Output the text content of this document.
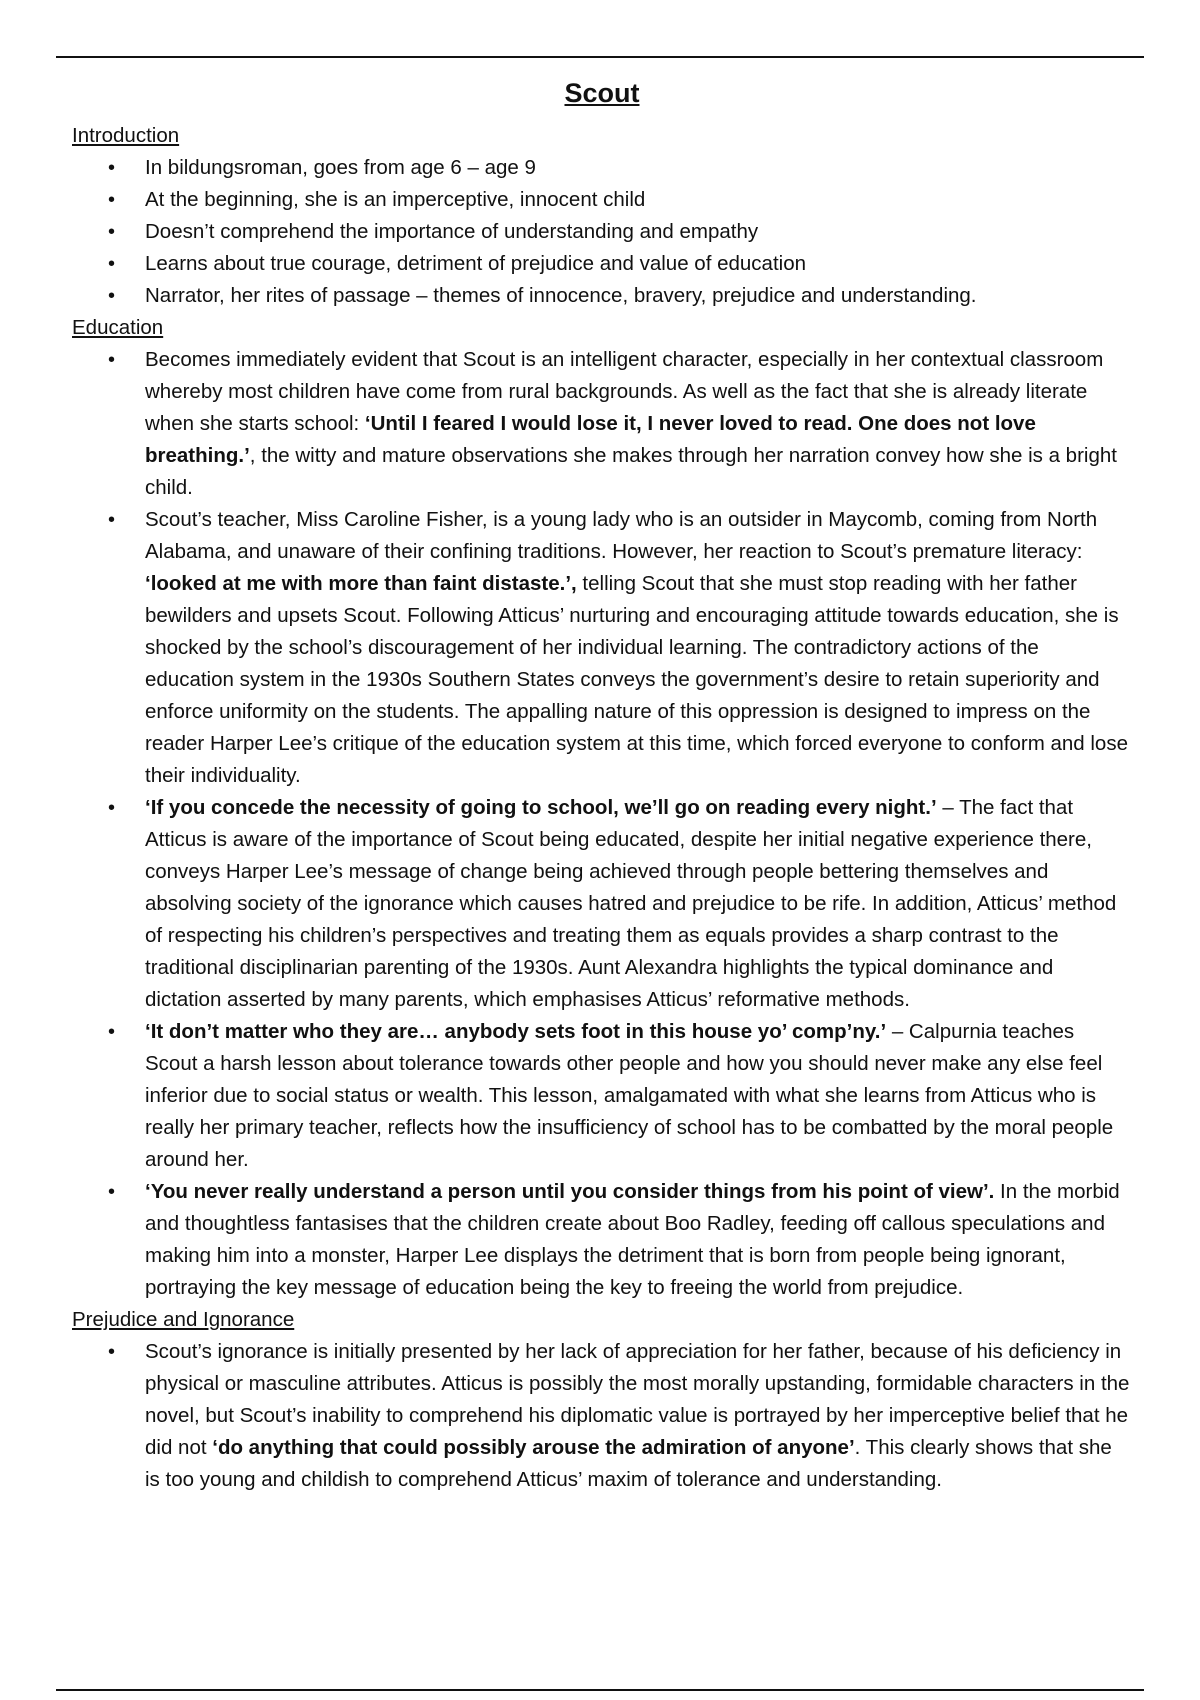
Scout
Introduction
• In bildungsroman, goes from age 6 – age 9
• At the beginning, she is an imperceptive, innocent child
• Doesn’t comprehend the importance of understanding and empathy
• Learns about true courage, detriment of prejudice and value of education
• Narrator, her rites of passage – themes of innocence, bravery, prejudice and understanding.
Education
• Becomes immediately evident that Scout is an intelligent character, especially in her contextual classroom whereby most children have come from rural backgrounds. As well as the fact that she is already literate when she starts school: ‘Until I feared I would lose it, I never loved to read. One does not love breathing.’, the witty and mature observations she makes through her narration convey how she is a bright child.
• Scout’s teacher, Miss Caroline Fisher, is a young lady who is an outsider in Maycomb, coming from North Alabama, and unaware of their confining traditions. However, her reaction to Scout’s premature literacy: ‘looked at me with more than faint distaste.’, telling Scout that she must stop reading with her father bewilders and upsets Scout. Following Atticus’ nurturing and encouraging attitude towards education, she is shocked by the school’s discouragement of her individual learning. The contradictory actions of the education system in the 1930s Southern States conveys the government’s desire to retain superiority and enforce uniformity on the students. The appalling nature of this oppression is designed to impress on the reader Harper Lee’s critique of the education system at this time, which forced everyone to conform and lose their individuality.
• ‘If you concede the necessity of going to school, we’ll go on reading every night.’ – The fact that Atticus is aware of the importance of Scout being educated, despite her initial negative experience there, conveys Harper Lee’s message of change being achieved through people bettering themselves and absolving society of the ignorance which causes hatred and prejudice to be rife. In addition, Atticus’ method of respecting his children’s perspectives and treating them as equals provides a sharp contrast to the traditional disciplinarian parenting of the 1930s. Aunt Alexandra highlights the typical dominance and dictation asserted by many parents, which emphasises Atticus’ reformative methods.
• ‘It don’t matter who they are… anybody sets foot in this house yo’ comp’ny.’ – Calpurnia teaches Scout a harsh lesson about tolerance towards other people and how you should never make any else feel inferior due to social status or wealth. This lesson, amalgamated with what she learns from Atticus who is really her primary teacher, reflects how the insufficiency of school has to be combatted by the moral people around her.
• ‘You never really understand a person until you consider things from his point of view’. In the morbid and thoughtless fantasises that the children create about Boo Radley, feeding off callous speculations and making him into a monster, Harper Lee displays the detriment that is born from people being ignorant, portraying the key message of education being the key to freeing the world from prejudice.
Prejudice and Ignorance
• Scout’s ignorance is initially presented by her lack of appreciation for her father, because of his deficiency in physical or masculine attributes. Atticus is possibly the most morally upstanding, formidable characters in the novel, but Scout’s inability to comprehend his diplomatic value is portrayed by her imperceptive belief that he did not ‘do anything that could possibly arouse the admiration of anyone’. This clearly shows that she is too young and childish to comprehend Atticus’ maxim of tolerance and understanding.
